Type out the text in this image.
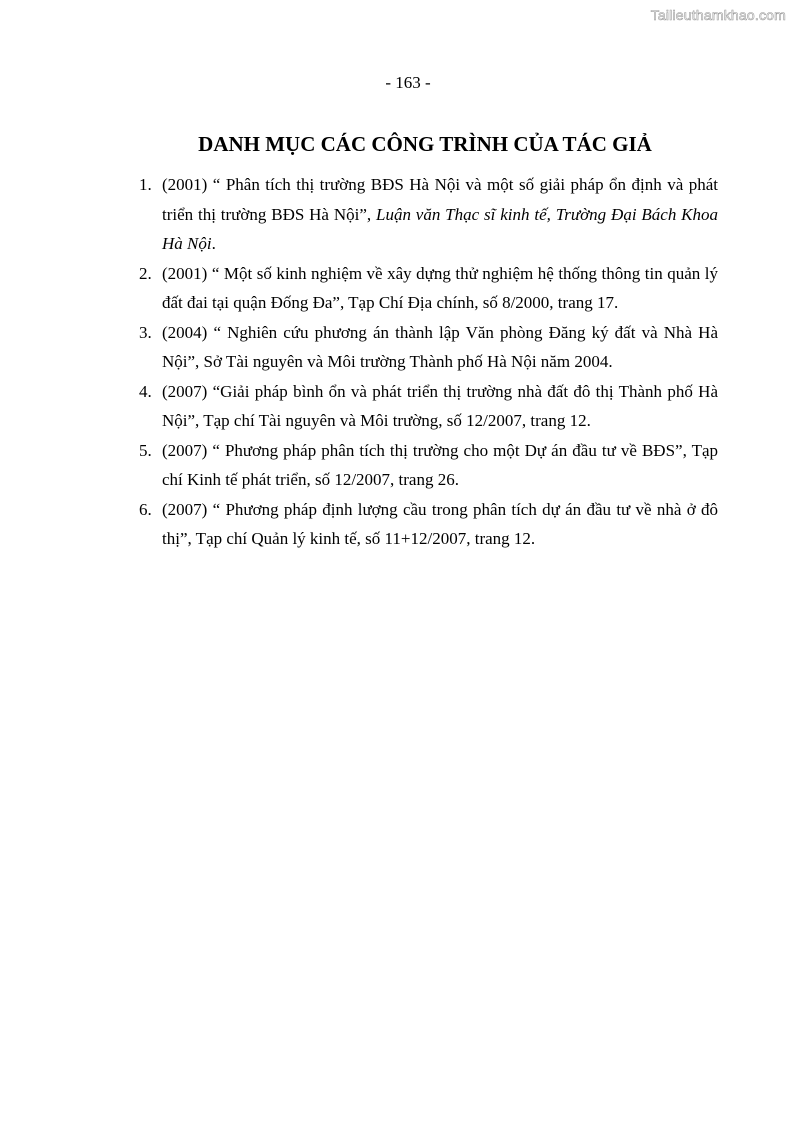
Tailieuthamkhao.com
- 163 -
DANH MỤC CÁC CÔNG TRÌNH CỦA TÁC GIẢ
1. (2001) “ Phân tích thị trường BĐS Hà Nội và một số giải pháp ổn định và phát triển thị trường BĐS Hà Nội”, Luận văn Thạc sĩ kinh tế, Trường Đại Bách Khoa Hà Nội.
2. (2001) “ Một số kinh nghiệm về xây dựng thử nghiệm hệ thống thông tin quản lý đất đai tại quận Đống Đa”, Tạp Chí Địa chính, số 8/2000, trang 17.
3. (2004) “ Nghiên cứu phương án thành lập Văn phòng Đăng ký đất và Nhà Hà Nội”, Sở Tài nguyên và Môi trường Thành phố Hà Nội năm 2004.
4. (2007) “Giải pháp bình ổn và phát triển thị trường nhà đất đô thị Thành phố Hà Nội”, Tạp chí Tài nguyên và Môi trường, số 12/2007, trang 12.
5. (2007) “ Phương pháp phân tích thị trường cho một Dự án đầu tư về BĐS”, Tạp chí Kinh tế phát triển, số 12/2007, trang 26.
6. (2007) “ Phương pháp định lượng cầu trong phân tích dự án đầu tư về nhà ở đô thị”, Tạp chí Quản lý kinh tế, số 11+12/2007, trang 12.
